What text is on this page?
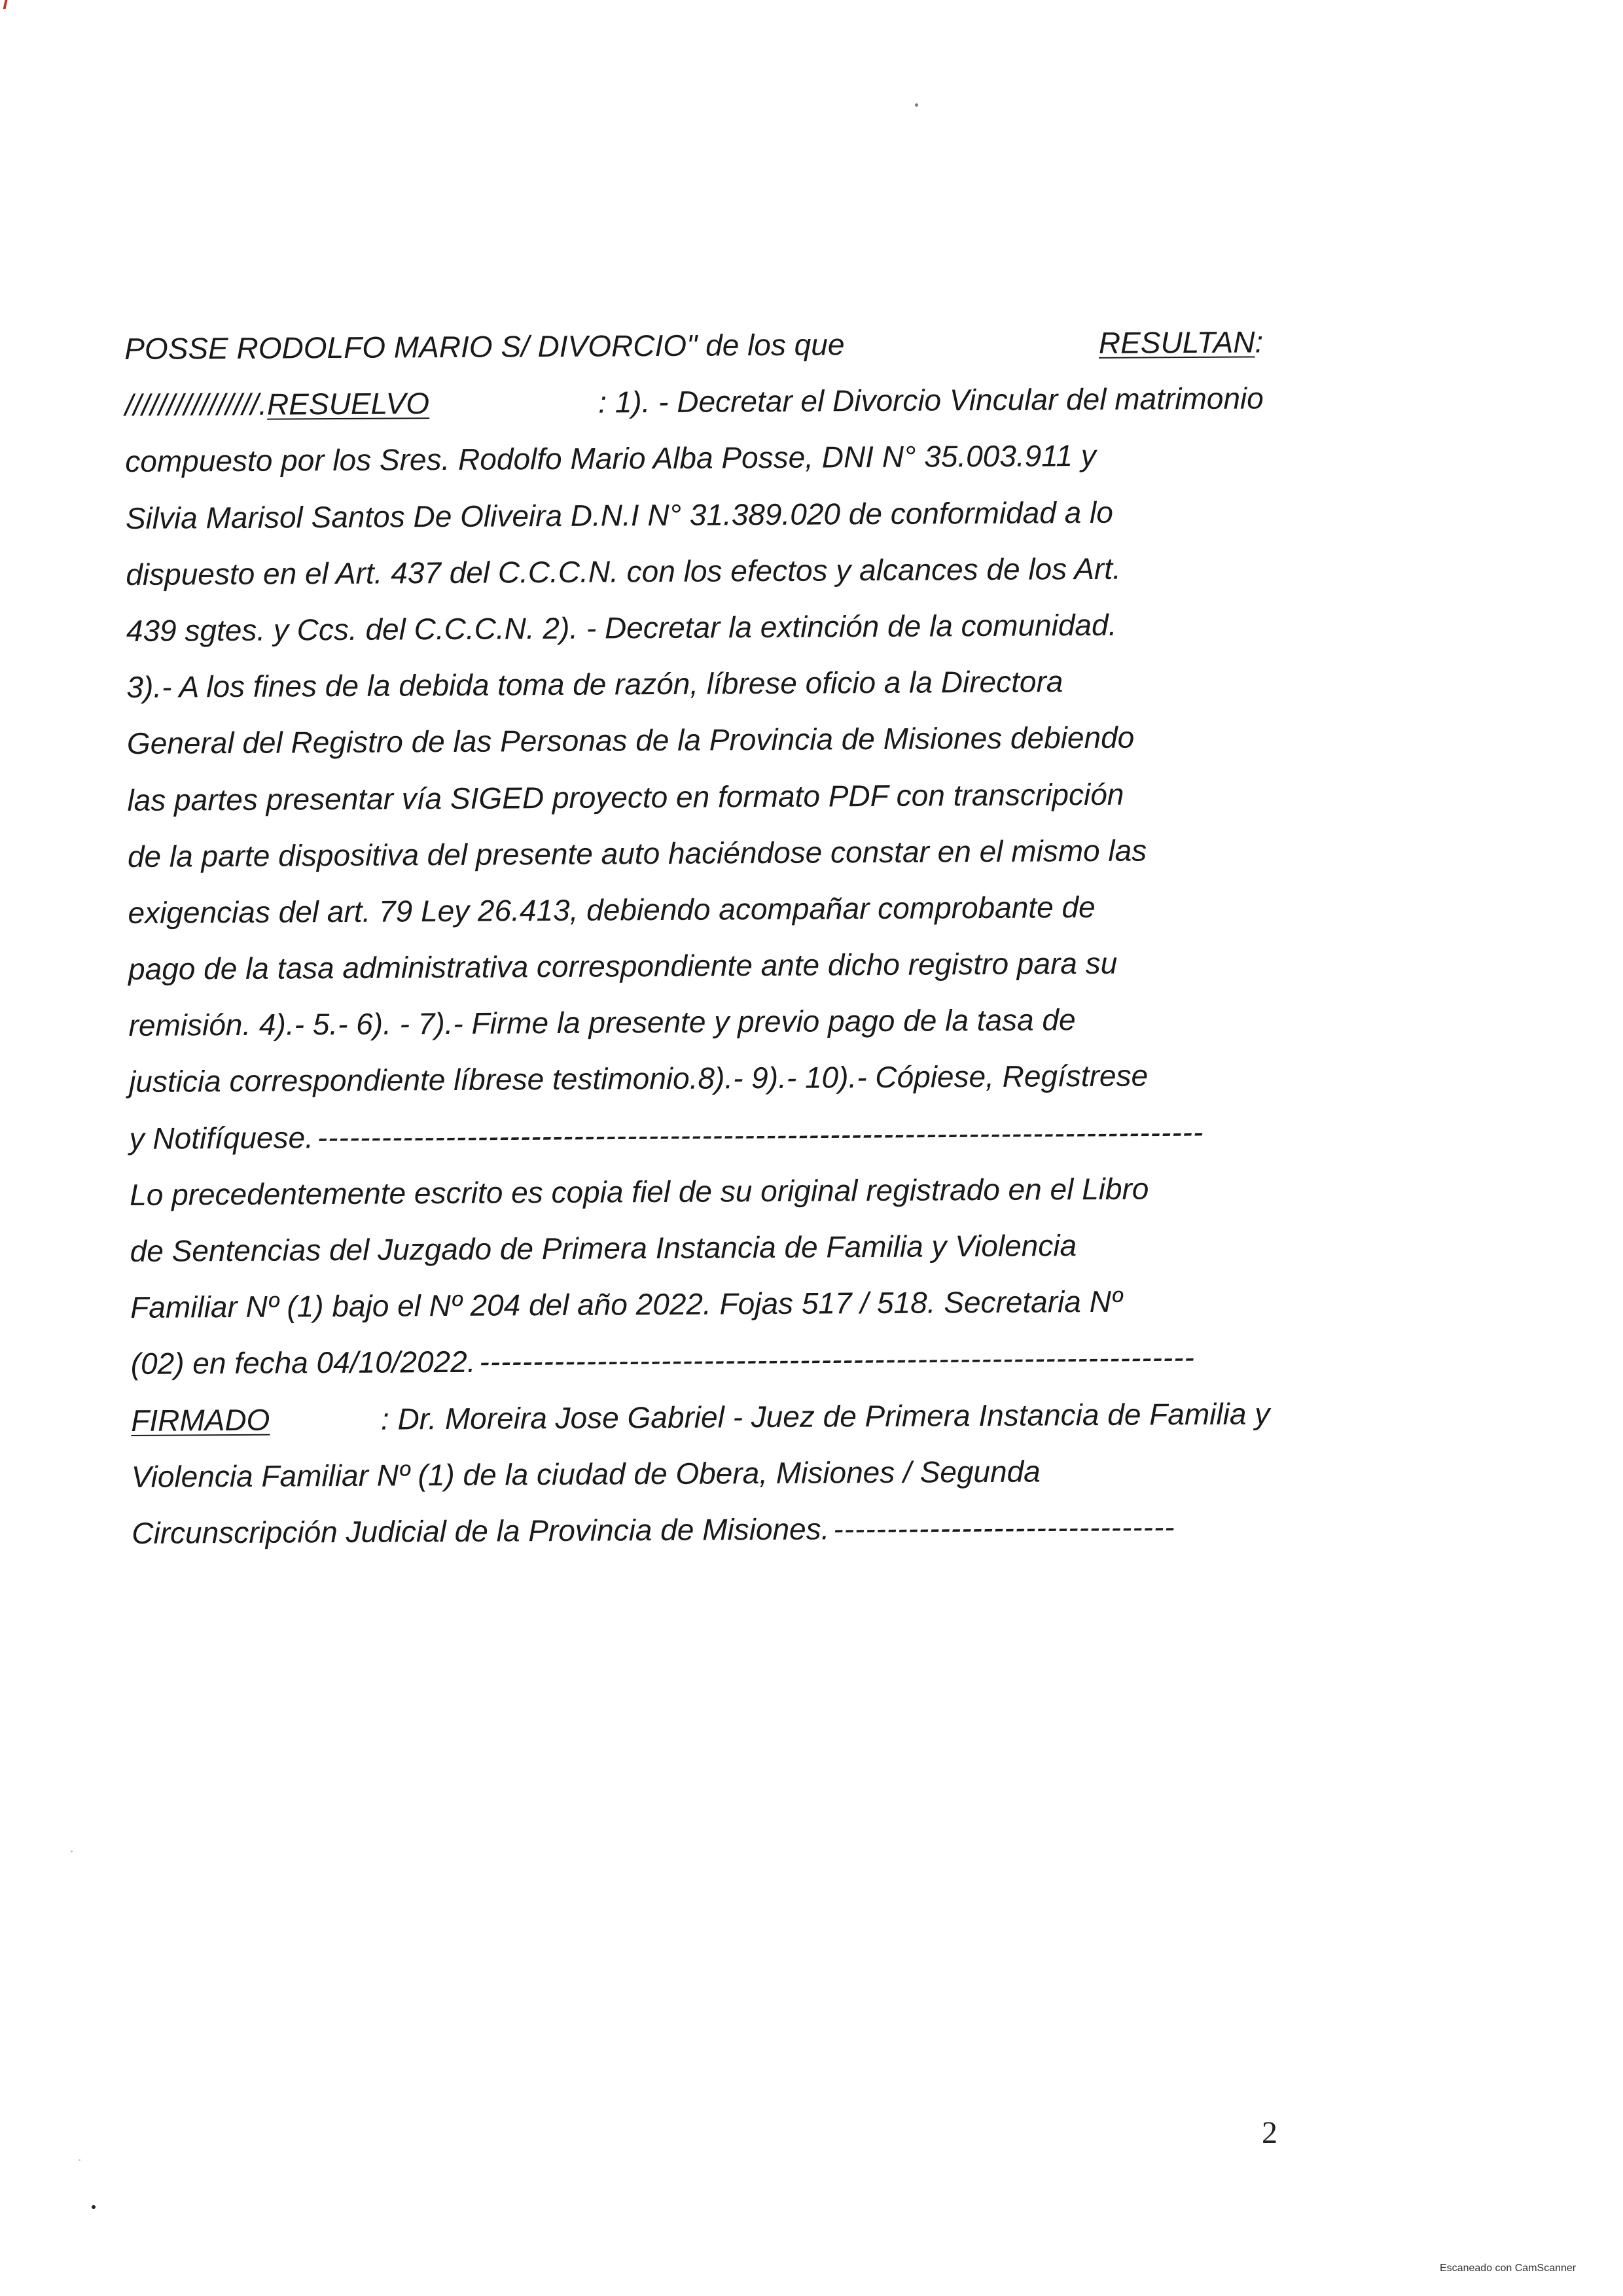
POSSE RODOLFO MARIO S/ DIVORCIO" de los que	RESULTAN:
////////////////.RESUELVO	: 1). - Decretar el Divorcio Vincular del matrimonio
compuesto por los Sres. Rodolfo Mario Alba Posse, DNI N° 35.003.911 y
Silvia Marisol Santos De Oliveira D.N.I N° 31.389.020 de conformidad a lo
dispuesto en el Art. 437 del C.C.C.N. con los efectos y alcances de los Art.
439 sgtes. y Ccs. del C.C.C.N. 2). - Decretar la extinción de la comunidad.
3).- A los fines de la debida toma de razón, líbrese oficio a la Directora
General del Registro de las Personas de la Provincia de Misiones debiendo
las partes presentar vía SIGED proyecto en formato PDF con transcripción
de la parte dispositiva del presente auto haciéndose constar en el mismo las
exigencias del art. 79 Ley 26.413, debiendo acompañar comprobante de
pago de la tasa administrativa correspondiente ante dicho registro para su
remisión. 4).- 5.- 6). - 7).- Firme la presente y previo pago de la tasa de
justicia correspondiente líbrese testimonio.8).- 9).- 10).- Cópiese, Regístrese
y Notifíquese. -----------------------------------------------------------------------------------
Lo precedentemente escrito es copia fiel de su original registrado en el Libro
de Sentencias del Juzgado de Primera Instancia de Familia y Violencia
Familiar Nº (1) bajo el Nº 204 del año 2022. Fojas 517 / 518. Secretaria Nº
(02) en fecha 04/10/2022. -------------------------------------------------------------------
FIRMADO	: Dr. Moreira Jose Gabriel - Juez de Primera Instancia de Familia y
Violencia Familiar Nº (1) de la ciudad de Obera, Misiones / Segunda
Circunscripción Judicial de la Provincia de Misiones. --------------------------------
2
Escaneado con CamScanner
